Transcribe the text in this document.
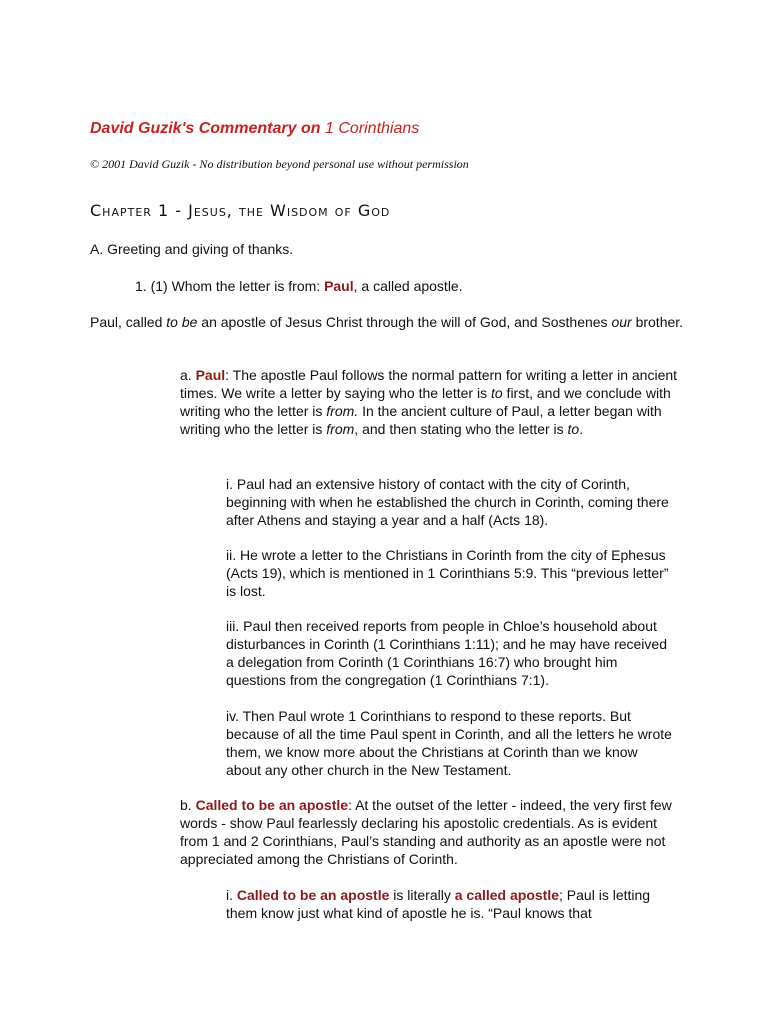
David Guzik's Commentary on 1 Corinthians

© 2001 David Guzik - No distribution beyond personal use without permission

Chapter 1 - Jesus, the Wisdom of God

A. Greeting and giving of thanks.

1. (1) Whom the letter is from: Paul, a called apostle.

Paul, called to be an apostle of Jesus Christ through the will of God, and Sosthenes our brother.

a. Paul: The apostle Paul follows the normal pattern for writing a letter in ancient times. We write a letter by saying who the letter is to first, and we conclude with writing who the letter is from. In the ancient culture of Paul, a letter began with writing who the letter is from, and then stating who the letter is to.

i. Paul had an extensive history of contact with the city of Corinth, beginning with when he established the church in Corinth, coming there after Athens and staying a year and a half (Acts 18).

ii. He wrote a letter to the Christians in Corinth from the city of Ephesus (Acts 19), which is mentioned in 1 Corinthians 5:9. This “previous letter” is lost.

iii. Paul then received reports from people in Chloe’s household about disturbances in Corinth (1 Corinthians 1:11); and he may have received a delegation from Corinth (1 Corinthians 16:7) who brought him questions from the congregation (1 Corinthians 7:1).

iv. Then Paul wrote 1 Corinthians to respond to these reports. But because of all the time Paul spent in Corinth, and all the letters he wrote them, we know more about the Christians at Corinth than we know about any other church in the New Testament.

b. Called to be an apostle: At the outset of the letter - indeed, the very first few words - show Paul fearlessly declaring his apostolic credentials. As is evident from 1 and 2 Corinthians, Paul’s standing and authority as an apostle were not appreciated among the Christians of Corinth.

i. Called to be an apostle is literally a called apostle; Paul is letting them know just what kind of apostle he is. “Paul knows that
